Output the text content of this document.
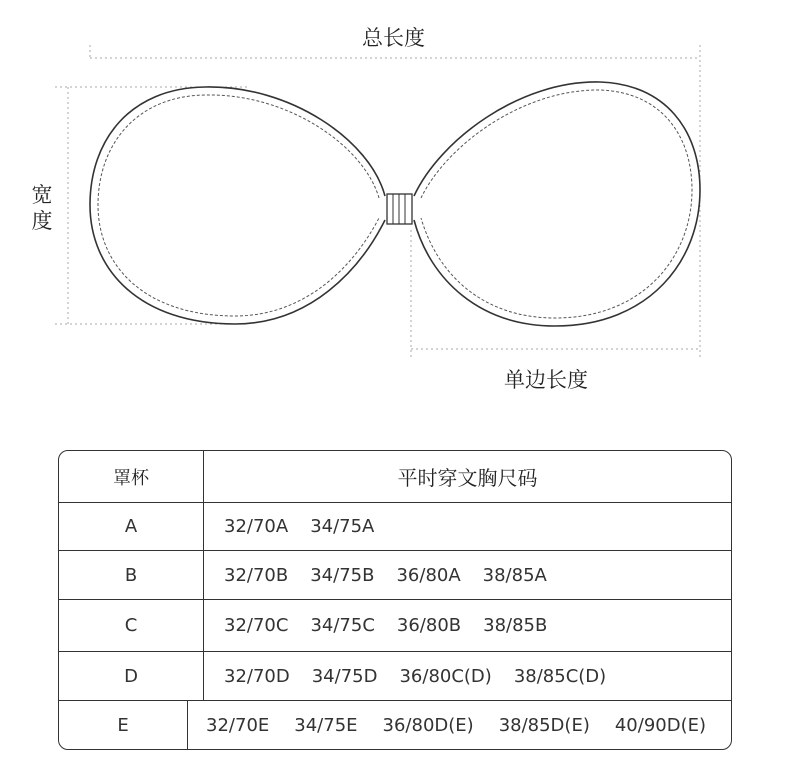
总长度
宽
度
单边长度
罩杯	平时穿文胸尺码
A	32/70A 34/75A
B	32/70B 34/75B 36/80A 38/85A
C	32/70C 34/75C 36/80B 38/85B
D	32/70D 34/75D 36/80C(D) 38/85C(D)
E	32/70E 34/75E 36/80D(E) 38/85D(E) 40/90D(E)
